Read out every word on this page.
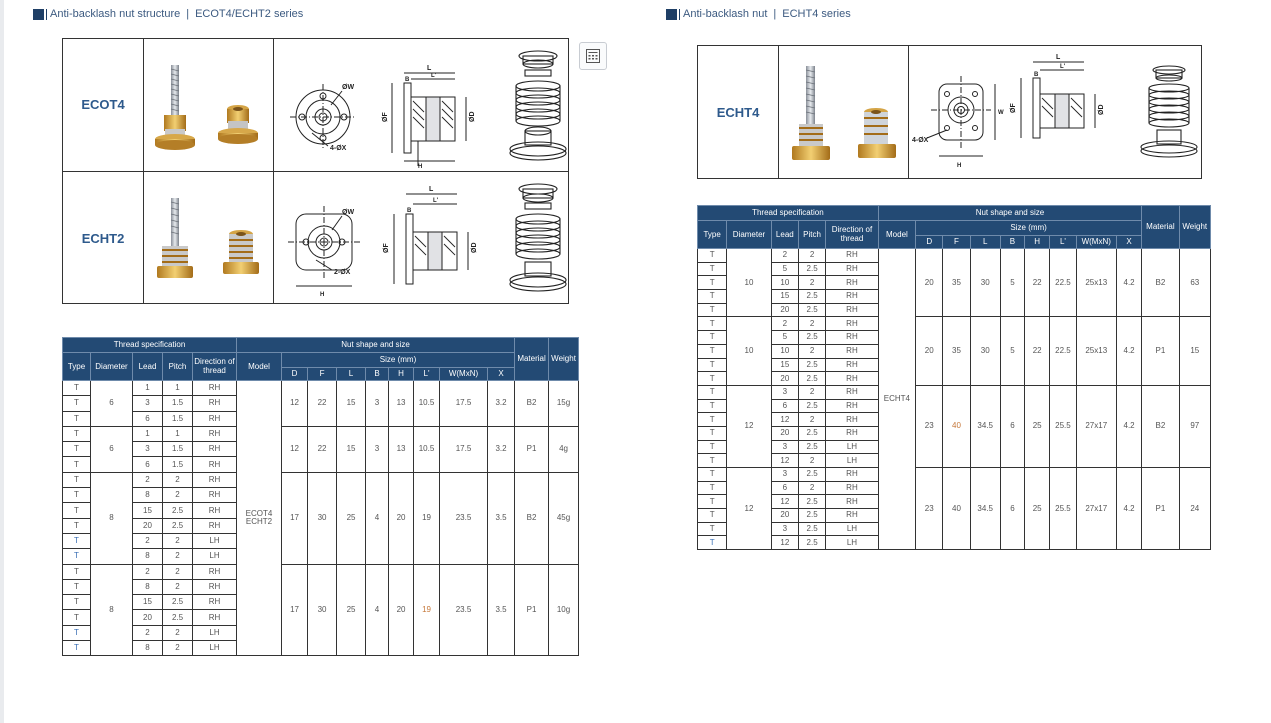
Anti-backlash nut structure | ECOT4/ECHT2 series
ECOT4
ECHT2
ØW
4-ØX
L
L'
B
ØF	ØD
H
ØW
2-ØX
H
L
L'
B
ØF	ØD
Thread specification					Nut shape and size									Material	Weight
Type	Diameter	Lead	Pitch	Direction of thread	Model	Size (mm)									
						D	F	L	B	H	L'	W(MxN)	X		
T	6	1	1	RH	ECOT4 ECHT2	12	22	15	3	13	10.5	17.5	3.2	B2	15g
T		3	1.5	RH											
T		6	1.5	RH											
T	6	1	1	RH		12	22	15	3	13	10.5	17.5	3.2	P1	4g
T		3	1.5	RH											
T		6	1.5	RH											
T	8	2	2	RH		17	30	25	4	20	19	23.5	3.5	B2	45g
T		8	2	RH											
T		15	2.5	RH											
T		20	2.5	RH											
T		2	2	LH											
T		8	2	LH											
T	8	2	2	RH		17	30	25	4	20	19	23.5	3.5	P1	10g
T		8	2	RH											
T		15	2.5	RH											
T		20	2.5	RH											
T		2	2	LH											
T		8	2	LH											
Anti-backlash nut | ECHT4 series
ECHT4
4-ØX
W
H
L
L'
B
ØF	ØD
Thread specification					Nut shape and size									Material	Weight
Type	Diameter	Lead	Pitch	Direction of thread	Model	Size (mm)									
						D	F	L	B	H	L'	W(MxN)	X		
T	10	2	2	RH	ECHT4	20	35	30	5	22	22.5	25x13	4.2	B2	63
T		5	2.5	RH											
T		10	2	RH											
T		15	2.5	RH											
T		20	2.5	RH											
T	10	2	2	RH		20	35	30	5	22	22.5	25x13	4.2	P1	15
T		5	2.5	RH											
T		10	2	RH											
T		15	2.5	RH											
T		20	2.5	RH											
T	12	3	2	RH		23	40	34.5	6	25	25.5	27x17	4.2	B2	97
T		6	2.5	RH											
T		12	2	RH											
T		20	2.5	RH											
T		3	2.5	LH											
T		12	2	LH											
T	12	3	2.5	RH		23	40	34.5	6	25	25.5	27x17	4.2	P1	24
T		6	2	RH											
T		12	2.5	RH											
T		20	2.5	RH											
T		3	2.5	LH											
T		12	2.5	LH											
